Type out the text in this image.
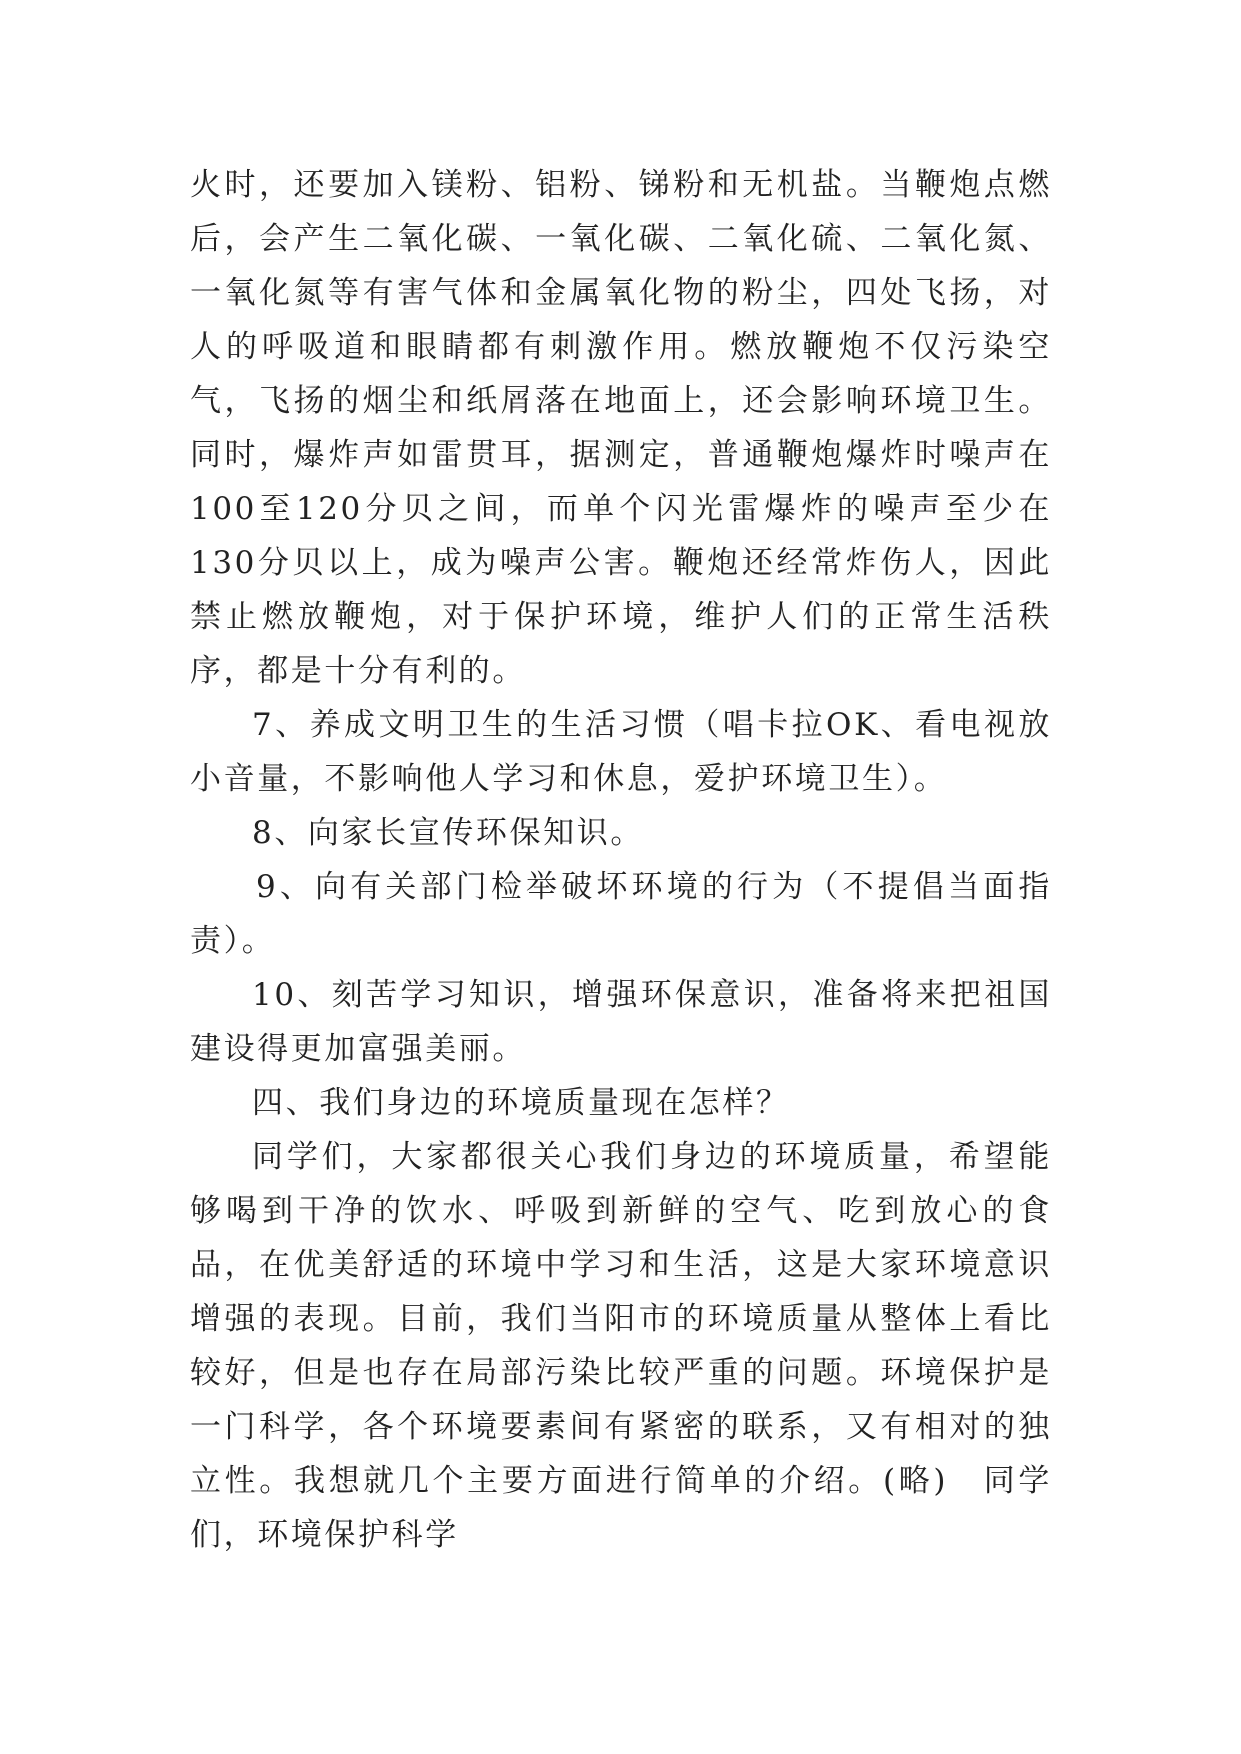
火时，还要加入镁粉、铝粉、锑粉和无机盐。当鞭炮点燃后，会产生二氧化碳、一氧化碳、二氧化硫、二氧化氮、一氧化氮等有害气体和金属氧化物的粉尘，四处飞扬，对人的呼吸道和眼睛都有刺激作用。燃放鞭炮不仅污染空气，飞扬的烟尘和纸屑落在地面上，还会影响环境卫生。同时，爆炸声如雷贯耳，据测定，普通鞭炮爆炸时噪声在100至120分贝之间，而单个闪光雷爆炸的噪声至少在130分贝以上，成为噪声公害。鞭炮还经常炸伤人，因此禁止燃放鞭炮，对于保护环境，维护人们的正常生活秩序，都是十分有利的。

7、养成文明卫生的生活习惯（唱卡拉OK、看电视放小音量，不影响他人学习和休息，爱护环境卫生）。

8、向家长宣传环保知识。

9、向有关部门检举破坏环境的行为（不提倡当面指责）。

10、刻苦学习知识，增强环保意识，准备将来把祖国建设得更加富强美丽。

四、我们身边的环境质量现在怎样？

同学们，大家都很关心我们身边的环境质量，希望能够喝到干净的饮水、呼吸到新鲜的空气、吃到放心的食品，在优美舒适的环境中学习和生活，这是大家环境意识增强的表现。目前，我们当阳市的环境质量从整体上看比较好，但是也存在局部污染比较严重的问题。环境保护是一门科学，各个环境要素间有紧密的联系，又有相对的独立性。我想就几个主要方面进行简单的介绍。(略)　同学们，环境保护科学
